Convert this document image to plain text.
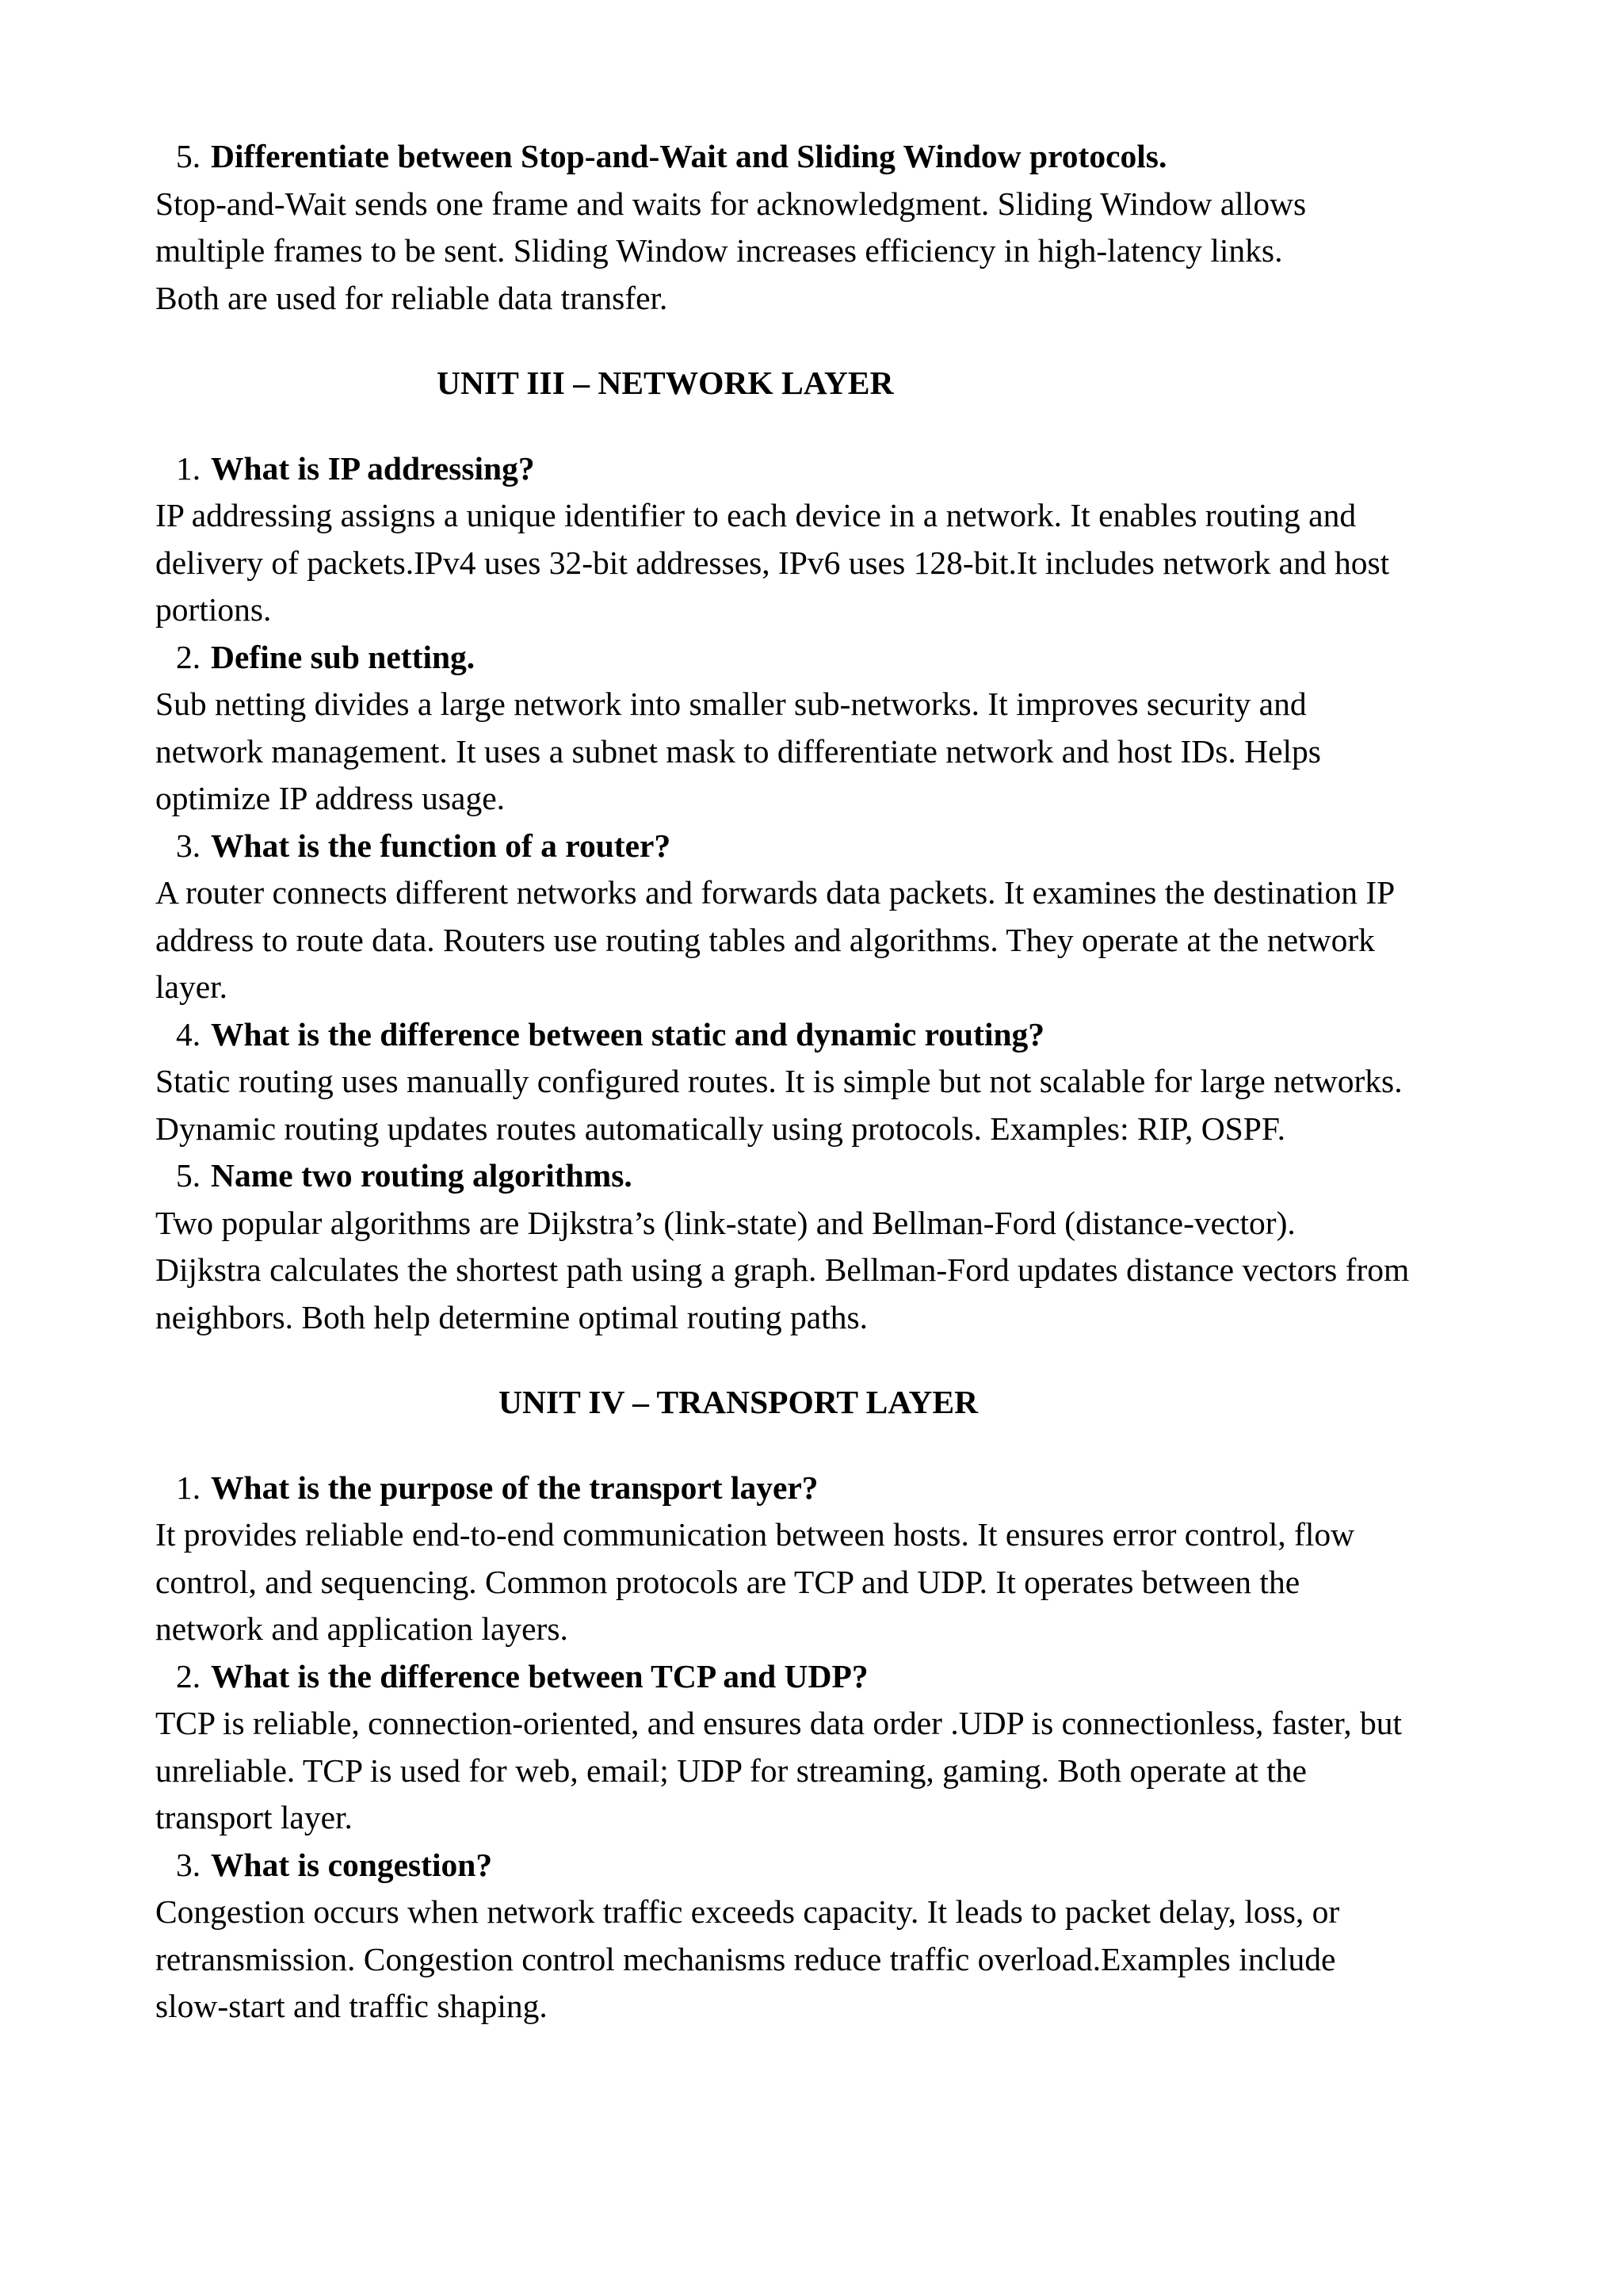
5. Differentiate between Stop-and-Wait and Sliding Window protocols.
Stop-and-Wait sends one frame and waits for acknowledgment. Sliding Window allows
multiple frames to be sent. Sliding Window increases efficiency in high-latency links.
Both are used for reliable data transfer.
UNIT III – NETWORK LAYER
1. What is IP addressing?
IP addressing assigns a unique identifier to each device in a network. It enables routing and
delivery of packets.IPv4 uses 32-bit addresses, IPv6 uses 128-bit.It includes network and host
portions.
2. Define sub netting.
Sub netting divides a large network into smaller sub-networks. It improves security and
network management. It uses a subnet mask to differentiate network and host IDs. Helps
optimize IP address usage.
3. What is the function of a router?
A router connects different networks and forwards data packets. It examines the destination IP
address to route data. Routers use routing tables and algorithms. They operate at the network
layer.
4. What is the difference between static and dynamic routing?
Static routing uses manually configured routes. It is simple but not scalable for large networks.
Dynamic routing updates routes automatically using protocols. Examples: RIP, OSPF.
5. Name two routing algorithms.
Two popular algorithms are Dijkstra’s (link-state) and Bellman-Ford (distance-vector).
Dijkstra calculates the shortest path using a graph. Bellman-Ford updates distance vectors from
neighbors. Both help determine optimal routing paths.
UNIT IV – TRANSPORT LAYER
1. What is the purpose of the transport layer?
It provides reliable end-to-end communication between hosts. It ensures error control, flow
control, and sequencing. Common protocols are TCP and UDP. It operates between the
network and application layers.
2. What is the difference between TCP and UDP?
TCP is reliable, connection-oriented, and ensures data order .UDP is connectionless, faster, but
unreliable. TCP is used for web, email; UDP for streaming, gaming. Both operate at the
transport layer.
3. What is congestion?
Congestion occurs when network traffic exceeds capacity. It leads to packet delay, loss, or
retransmission. Congestion control mechanisms reduce traffic overload.Examples include
slow-start and traffic shaping.
